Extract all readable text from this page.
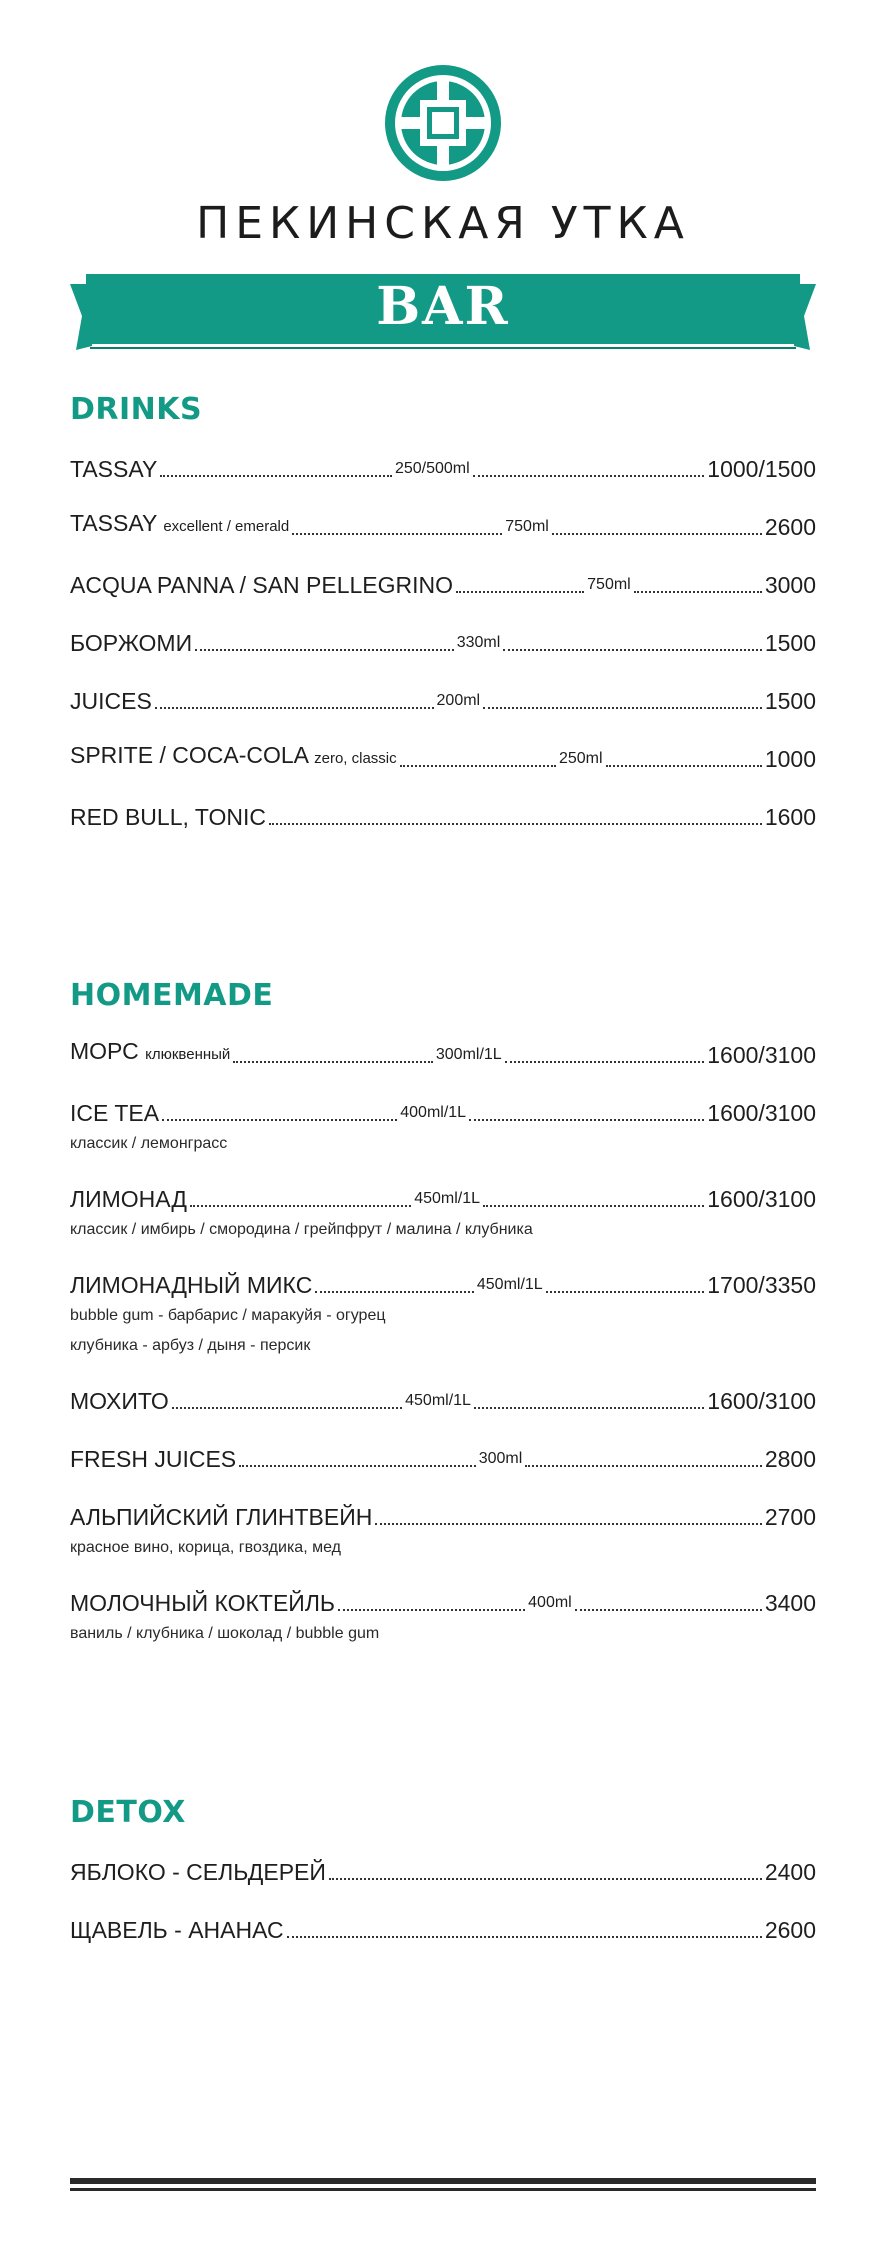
ПЕКИНСКАЯ УТКА
BAR
DRINKS
TASSAY	250/500ml	1000/1500
TASSAY excellent / emerald	750ml	2600
ACQUA PANNA / SAN PELLEGRINO	750ml	3000
БОРЖОМИ	330ml	1500
JUICES	200ml	1500
SPRITE / COCA-COLA zero, classic	250ml	1000
RED BULL, TONIC	1600
HOMEMADE
МОРС клюквенный	300ml/1L	1600/3100
ICE TEA	400ml/1L	1600/3100
классик / лемонграсс
ЛИМОНАД	450ml/1L	1600/3100
классик / имбирь / смородина / грейпфрут / малина / клубника
ЛИМОНАДНЫЙ МИКС	450ml/1L	1700/3350
bubble gum - барбарис / маракуйя - огурец
клубника - арбуз / дыня - персик
МОХИТО	450ml/1L	1600/3100
FRESH JUICES	300ml	2800
АЛЬПИЙСКИЙ ГЛИНТВЕЙН	2700
красное вино, корица, гвоздика, мед
МОЛОЧНЫЙ КОКТЕЙЛЬ	400ml	3400
ваниль / клубника / шоколад / bubble gum
DETOX
ЯБЛОКО - СЕЛЬДЕРЕЙ	2400
ЩАВЕЛЬ - АНАНАС	2600
